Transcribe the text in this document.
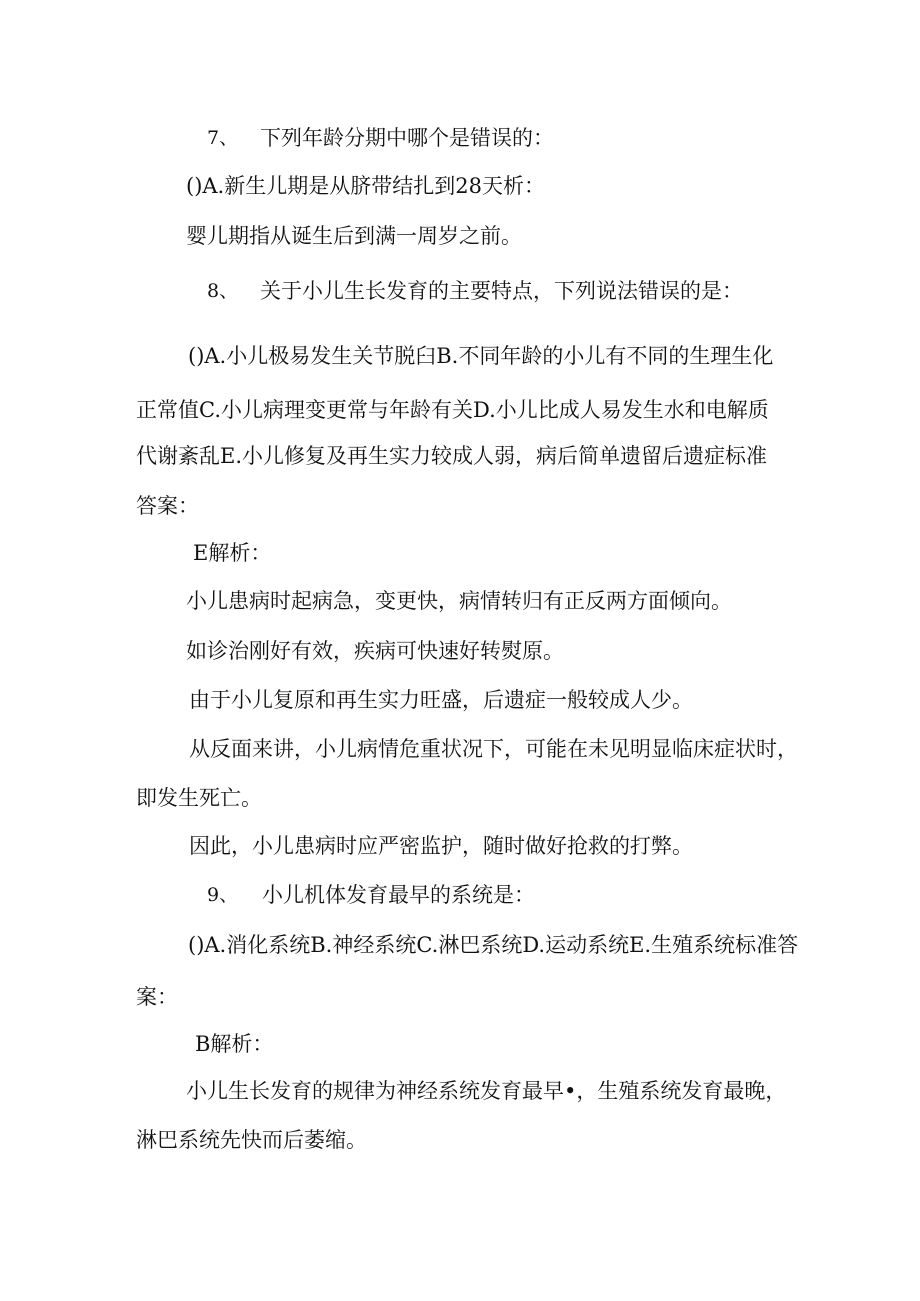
7、 下列年龄分期中哪个是错误的：
()A.新生儿期是从脐带结扎到28天析：
婴儿期指从诞生后到满一周岁之前。
8、 关于小儿生长发育的主要特点，下列说法错误的是：
()A.小儿极易发生关节脱臼B.不同年龄的小儿有不同的生理生化
正常值C.小儿病理变更常与年龄有关D.小儿比成人易发生水和电解质
代谢紊乱E.小儿修复及再生实力较成人弱，病后简单遗留后遗症标准
答案：
E解析：
小儿患病时起病急，变更快，病情转归有正反两方面倾向。
如诊治刚好有效，疾病可快速好转熨原。
由于小儿复原和再生实力旺盛，后遗症一般较成人少。
从反面来讲，小儿病情危重状况下，可能在未见明显临床症状时，
即发生死亡。
因此，小儿患病时应严密监护，随时做好抢救的打弊。
9、 小儿机体发育最早的系统是：
()A.消化系统B.神经系统C.淋巴系统D.运动系统E.生殖系统标准答
案：
B解析：
小儿生长发育的规律为神经系统发育最早•，生殖系统发育最晚，
淋巴系统先快而后萎缩。
